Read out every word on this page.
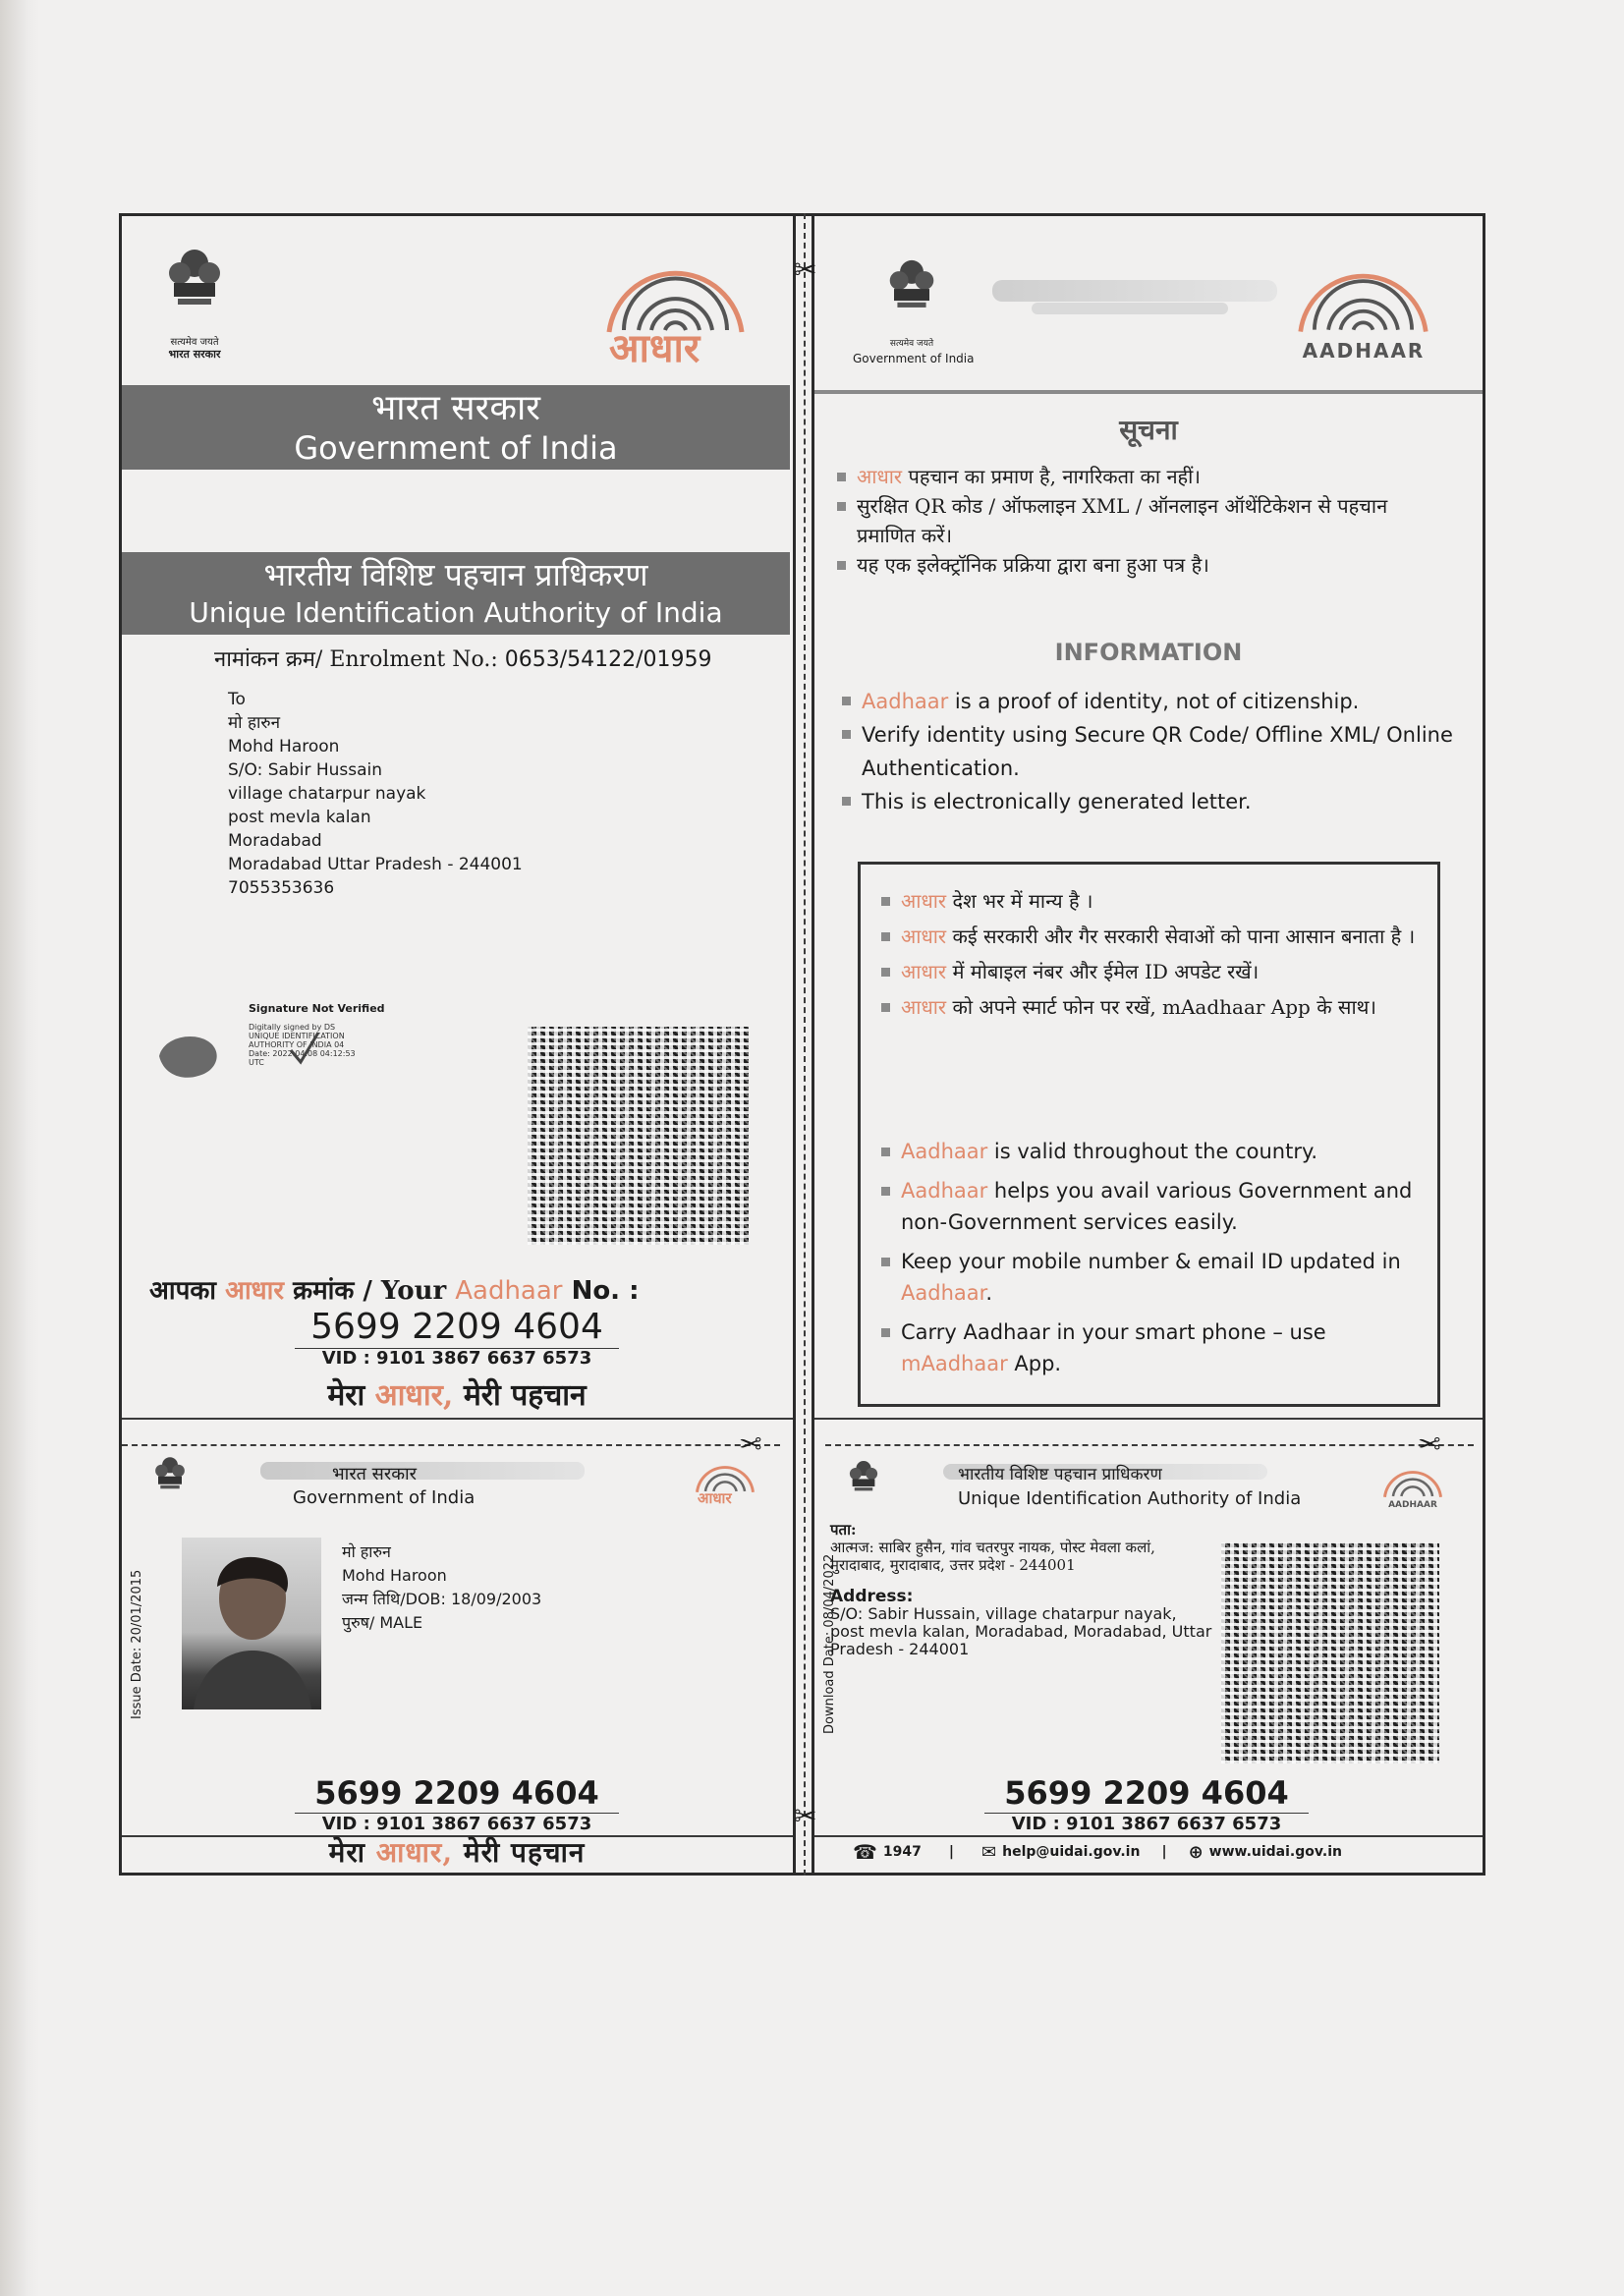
✂
✂
सत्यमेव जयते
भारत सरकार	आधार
भारत सरकार
Government of India
भारतीय विशिष्ट पहचान प्राधिकरण
Unique Identification Authority of India
नामांकन क्रम/ Enrolment No.: 0653/54122/01959
To
मो हारुन
Mohd Haroon
S/O: Sabir Hussain
village chatarpur nayak
post mevla kalan
Moradabad
Moradabad Uttar Pradesh - 244001
7055353636
Signature Not Verified
Digitally signed by DS
UNIQUE IDENTIFICATION
AUTHORITY OF INDIA 04
Date: 2022.04.08 04:12:53
UTC
आपका आधार क्रमांक / Your Aadhaar No. :
5699 2209 4604
VID : 9101 3867 6637 6573
मेरा आधार, मेरी पहचान
✂
सत्यमेव जयते
Government of India	AADHAAR
सूचना
आधार पहचान का प्रमाण है, नागरिकता का नहीं।
सुरक्षित QR कोड / ऑफलाइन XML / ऑनलाइन ऑथेंटिकेशन से पहचान प्रमाणित करें।
यह एक इलेक्ट्रॉनिक प्रक्रिया द्वारा बना हुआ पत्र है।
INFORMATION
Aadhaar is a proof of identity, not of citizenship.
Verify identity using Secure QR Code/ Offline XML/ Online Authentication.
This is electronically generated letter.
आधार देश भर में मान्य है ।
आधार कई सरकारी और गैर सरकारी सेवाओं को पाना आसान बनाता है ।
आधार में मोबाइल नंबर और ईमेल ID अपडेट रखें।
आधार को अपने स्मार्ट फोन पर रखें, mAadhaar App के साथ।
Aadhaar is valid throughout the country.
Aadhaar helps you avail various Government and non-Government services easily.
Keep your mobile number & email ID updated in Aadhaar.
Carry Aadhaar in your smart phone – use mAadhaar App.
✂
भारत सरकार
Government of India	आधार
Issue Date: 20/01/2015
मो हारुन
Mohd Haroon
जन्म तिथि/DOB: 18/09/2003
पुरुष/ MALE
5699 2209 4604
VID : 9101 3867 6637 6573
मेरा आधार, मेरी पहचान
भारतीय विशिष्ट पहचान प्राधिकरण
Unique Identification Authority of India	AADHAAR
Download Date: 08/04/2022
पता:
आत्मज: साबिर हुसैन, गांव चतरपुर नायक, पोस्ट मेवला कलां, मुरादाबाद, मुरादाबाद, उत्तर प्रदेश - 244001
Address:
S/O: Sabir Hussain, village chatarpur nayak, post mevla kalan, Moradabad, Moradabad, Uttar Pradesh - 244001
5699 2209 4604
VID : 9101 3867 6637 6573
☎ 1947 | ✉ help@uidai.gov.in | ⊕ www.uidai.gov.in
